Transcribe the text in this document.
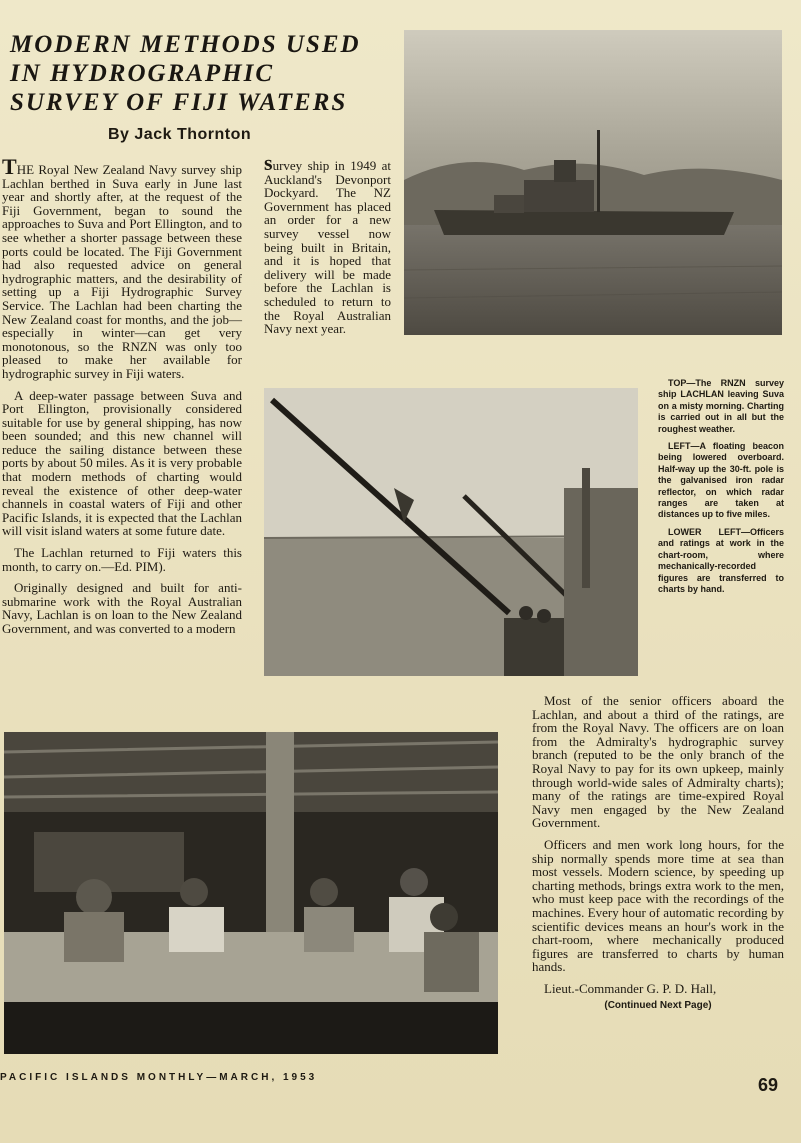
MODERN METHODS USED
IN HYDROGRAPHIC
SURVEY OF FIJI WATERS
By Jack Thornton

THE Royal New Zealand Navy survey ship Lachlan berthed in Suva early in June last year and shortly after, at the request of the Fiji Government, began to sound the approaches to Suva and Port Ellington, and to see whether a shorter passage between these ports could be located. The Fiji Government had also requested advice on general hydrographic matters, and the desirability of setting up a Fiji Hydrographic Survey Service. The Lachlan had been charting the New Zealand coast for months, and the job—especially in winter—can get very monotonous, so the RNZN was only too pleased to make her available for hydrographic survey in Fiji waters.

A deep-water passage between Suva and Port Ellington, provisionally considered suitable for use by general shipping, has now been sounded; and this new channel will reduce the sailing distance between these ports by about 50 miles. As it is very probable that modern methods of charting would reveal the existence of other deep-water channels in coastal waters of Fiji and other Pacific Islands, it is expected that the Lachlan will visit island waters at some future date.

The Lachlan returned to Fiji waters this month, to carry on.—Ed. PIM).

Originally designed and built for anti-submarine work with the Royal Australian Navy, Lachlan is on loan to the New Zealand Government, and was converted to a modern

survey ship in 1949 at Auckland's Devonport Dockyard. The NZ Government has placed an order for a new survey vessel now being built in Britain, and it is hoped that delivery will be made before the Lachlan is scheduled to return to the Royal Australian Navy next year.

TOP—The RNZN survey ship LACHLAN leaving Suva on a misty morning. Charting is carried out in all but the roughest weather.

LEFT—A floating beacon being lowered overboard. Half-way up the 30-ft. pole is the galvanised iron radar reflector, on which radar ranges are taken at distances up to five miles.

LOWER LEFT—Officers and ratings at work in the chart-room, where mechanically-recorded figures are transferred to charts by hand.

Most of the senior officers aboard the Lachlan, and about a third of the ratings, are from the Royal Navy. The officers are on loan from the Admiralty's hydrographic survey branch (reputed to be the only branch of the Royal Navy to pay for its own upkeep, mainly through world-wide sales of Admiralty charts); many of the ratings are time-expired Royal Navy men engaged by the New Zealand Government.

Officers and men work long hours, for the ship normally spends more time at sea than most vessels. Modern science, by speeding up charting methods, brings extra work to the men, who must keep pace with the recordings of the machines. Every hour of automatic recording by scientific devices means an hour's work in the chart-room, where mechanically produced figures are transferred to charts by human hands.

Lieut.-Commander G. P. D. Hall,

(Continued Next Page)
PACIFIC ISLANDS MONTHLY—MARCH, 1953	69
